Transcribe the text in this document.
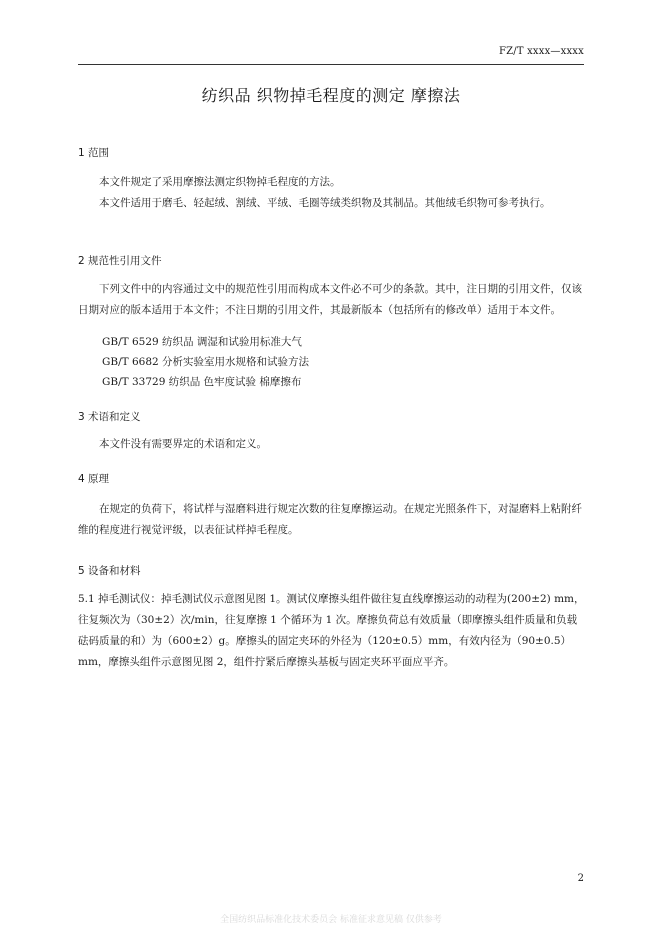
FZ/T xxxx—xxxx
纺织品 织物掉毛程度的测定 摩擦法
1 范围
本文件规定了采用摩擦法测定织物掉毛程度的方法。
本文件适用于磨毛、轻起绒、割绒、平绒、毛圈等绒类织物及其制品。其他绒毛织物可参考执行。
2 规范性引用文件
下列文件中的内容通过文中的规范性引用而构成本文件必不可少的条款。其中，注日期的引用文件，仅该日期对应的版本适用于本文件；不注日期的引用文件，其最新版本（包括所有的修改单）适用于本文件。
GB/T 6529 纺织品 调湿和试验用标准大气
GB/T 6682 分析实验室用水规格和试验方法
GB/T 33729 纺织品 色牢度试验 棉摩擦布
3 术语和定义
本文件没有需要界定的术语和定义。
4 原理
在规定的负荷下，将试样与湿磨料进行规定次数的往复摩擦运动。在规定光照条件下，对湿磨料上粘附纤维的程度进行视觉评级，以表征试样掉毛程度。
5 设备和材料
5.1 掉毛测试仪：掉毛测试仪示意图见图 1。测试仪摩擦头组件做往复直线摩擦运动的动程为(200±2) mm，往复频次为（30±2）次/min，往复摩擦 1 个循环为 1 次。摩擦负荷总有效质量（即摩擦头组件质量和负载砝码质量的和）为（600±2）g。摩擦头的固定夹环的外径为（120±0.5）mm，有效内径为（90±0.5）mm，摩擦头组件示意图见图 2，组件拧紧后摩擦头基板与固定夹环平面应平齐。
2
全国纺织品标准化技术委员会 标准征求意见稿 仅供参考
